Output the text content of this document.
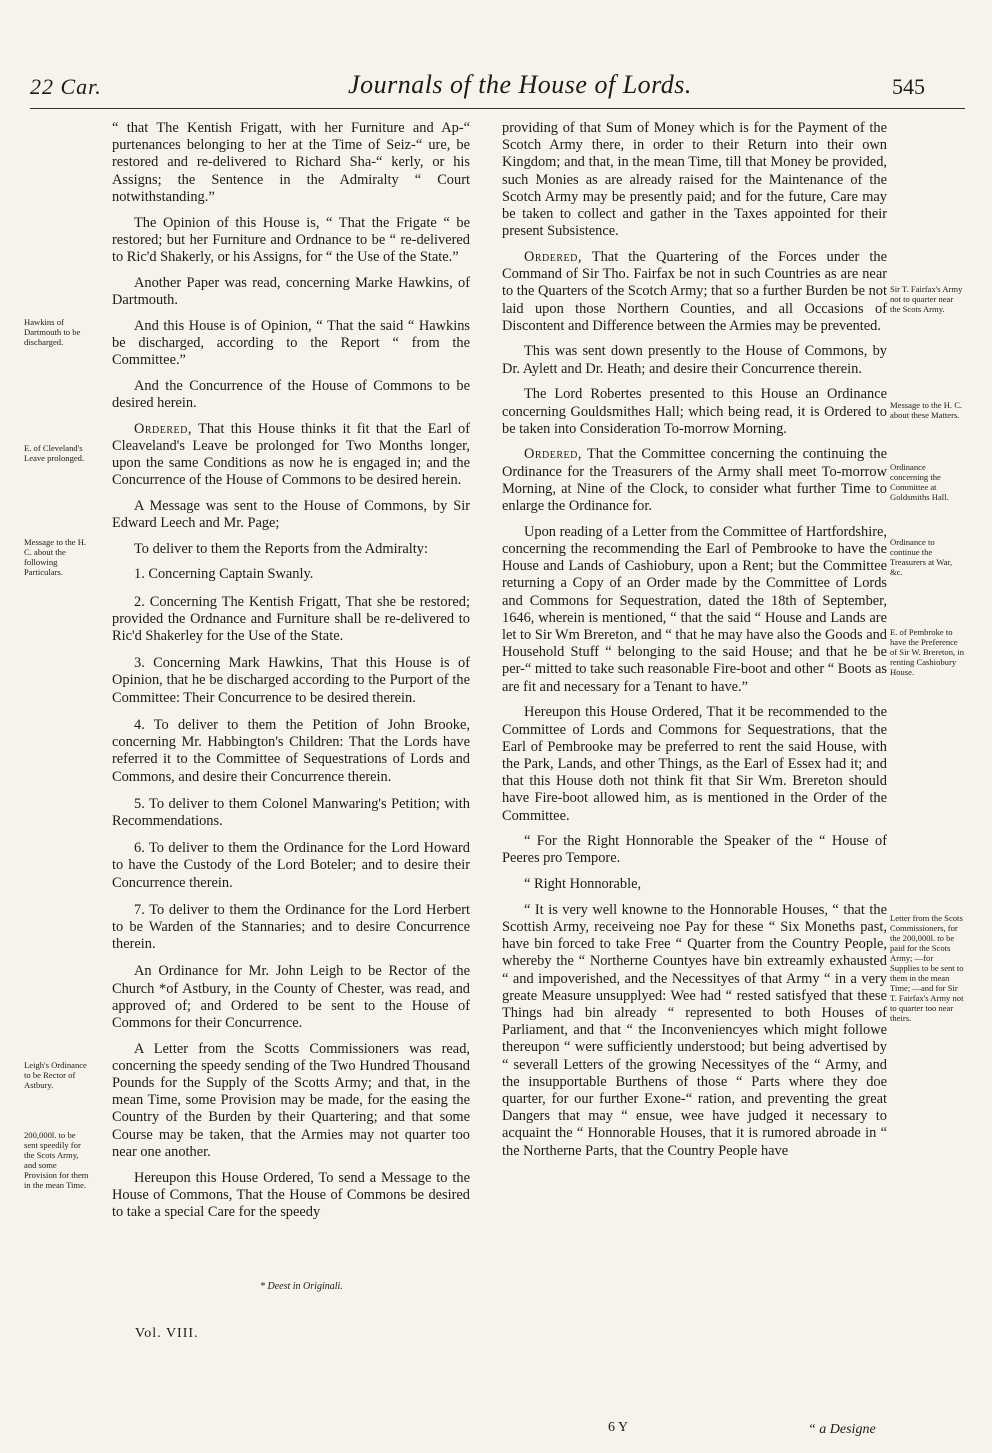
22 Car.	Journals of the House of Lords.	545
Hawkins of Dartmouth to be discharged.
E. of Cleveland's Leave prolonged.
Message to the H. C. about the following Particulars.
Leigh's Ordinance to be Rector of Astbury.
200,000l. to be sent speedily for the Scots Army, and some Provision for them in the mean Time.
Sir T. Fairfax's Army not to quarter near the Scots Army.
Message to the H. C. about these Matters.
Ordinance concerning the Committee at Goldsmiths Hall.
Ordinance to continue the Treasurers at War, &c.
E. of Pembroke to have the Preference of Sir W. Brereton, in renting Cashiobury House.
Letter from the Scots Commissioners, for the 200,000l. to be paid for the Scots Army; —for Supplies to be sent to them in the mean Time; —and for Sir T. Fairfax's Army not to quarter too near theirs.

“ that The Kentish Frigatt, with her Furniture and Ap-“ purtenances belonging to her at the Time of Seiz-“ ure, be restored and re-delivered to Richard Sha-“ kerly, or his Assigns; the Sentence in the Admiralty “ Court notwithstanding.”

The Opinion of this House is, “ That the Frigate “ be restored; but her Furniture and Ordnance to be “ re-delivered to Ric'd Shakerly, or his Assigns, for “ the Use of the State.”

Another Paper was read, concerning Marke Hawkins, of Dartmouth.

And this House is of Opinion, “ That the said “ Hawkins be discharged, according to the Report “ from the Committee.”

And the Concurrence of the House of Commons to be desired herein.

Ordered, That this House thinks it fit that the Earl of Cleaveland's Leave be prolonged for Two Months longer, upon the same Conditions as now he is engaged in; and the Concurrence of the House of Commons to be desired herein.

A Message was sent to the House of Commons, by Sir Edward Leech and Mr. Page;

To deliver to them the Reports from the Admiralty:

1. Concerning Captain Swanly.

2. Concerning The Kentish Frigatt, That she be restored; provided the Ordnance and Furniture shall be re-delivered to Ric'd Shakerley for the Use of the State.

3. Concerning Mark Hawkins, That this House is of Opinion, that he be discharged according to the Purport of the Committee: Their Concurrence to be desired therein.

4. To deliver to them the Petition of John Brooke, concerning Mr. Habbington's Children: That the Lords have referred it to the Committee of Sequestrations of Lords and Commons, and desire their Concurrence therein.

5. To deliver to them Colonel Manwaring's Petition; with Recommendations.

6. To deliver to them the Ordinance for the Lord Howard to have the Custody of the Lord Boteler; and to desire their Concurrence therein.

7. To deliver to them the Ordinance for the Lord Herbert to be Warden of the Stannaries; and to desire Concurrence therein.

An Ordinance for Mr. John Leigh to be Rector of the Church *of Astbury, in the County of Chester, was read, and approved of; and Ordered to be sent to the House of Commons for their Concurrence.

A Letter from the Scotts Commissioners was read, concerning the speedy sending of the Two Hundred Thousand Pounds for the Supply of the Scotts Army; and that, in the mean Time, some Provision may be made, for the easing the Country of the Burden by their Quartering; and that some Course may be taken, that the Armies may not quarter too near one another.

Hereupon this House Ordered, To send a Message to the House of Commons, That the House of Commons be desired to take a special Care for the speedy

providing of that Sum of Money which is for the Payment of the Scotch Army there, in order to their Return into their own Kingdom; and that, in the mean Time, till that Money be provided, such Monies as are already raised for the Maintenance of the Scotch Army may be presently paid; and for the future, Care may be taken to collect and gather in the Taxes appointed for their present Subsistence.

Ordered, That the Quartering of the Forces under the Command of Sir Tho. Fairfax be not in such Countries as are near to the Quarters of the Scotch Army; that so a further Burden be not laid upon those Northern Counties, and all Occasions of Discontent and Difference between the Armies may be prevented.

This was sent down presently to the House of Commons, by Dr. Aylett and Dr. Heath; and desire their Concurrence therein.

The Lord Robertes presented to this House an Ordinance concerning Gouldsmithes Hall; which being read, it is Ordered to be taken into Consideration To-morrow Morning.

Ordered, That the Committee concerning the continuing the Ordinance for the Treasurers of the Army shall meet To-morrow Morning, at Nine of the Clock, to consider what further Time to enlarge the Ordinance for.

Upon reading of a Letter from the Committee of Hartfordshire, concerning the recommending the Earl of Pembrooke to have the House and Lands of Cashiobury, upon a Rent; but the Committee returning a Copy of an Order made by the Committee of Lords and Commons for Sequestration, dated the 18th of September, 1646, wherein is mentioned, “ that the said “ House and Lands are let to Sir Wm Brereton, and “ that he may have also the Goods and Household Stuff “ belonging to the said House; and that he be per-“ mitted to take such reasonable Fire-boot and other “ Boots as are fit and necessary for a Tenant to have.”

Hereupon this House Ordered, That it be recommended to the Committee of Lords and Commons for Sequestrations, that the Earl of Pembrooke may be preferred to rent the said House, with the Park, Lands, and other Things, as the Earl of Essex had it; and that this House doth not think fit that Sir Wm. Brereton should have Fire-boot allowed him, as is mentioned in the Order of the Committee.

“ For the Right Honnorable the Speaker of the “ House of Peeres pro Tempore.

“ Right Honnorable,

“ It is very well knowne to the Honnorable Houses, “ that the Scottish Army, receiveing noe Pay for these “ Six Moneths past, have bin forced to take Free “ Quarter from the Country People, whereby the “ Northerne Countyes have bin extreamly exhausted “ and impoverished, and the Necessityes of that Army “ in a very greate Measure unsupplyed: Wee had “ rested satisfyed that these Things had bin already “ represented to both Houses of Parliament, and that “ the Inconveniencyes which might followe thereupon “ were sufficiently understood; but being advertised by “ severall Letters of the growing Necessityes of the “ Army, and the insupportable Burthens of those “ Parts where they doe quarter, for our further Exone-“ ration, and preventing the great Dangers that may “ ensue, wee have judged it necessary to acquaint the “ Honnorable Houses, that it is rumored abroade in “ the Northerne Parts, that the Country People have

* Deest in Originali.
Vol. VIII.
6 Y	“ a Designe
